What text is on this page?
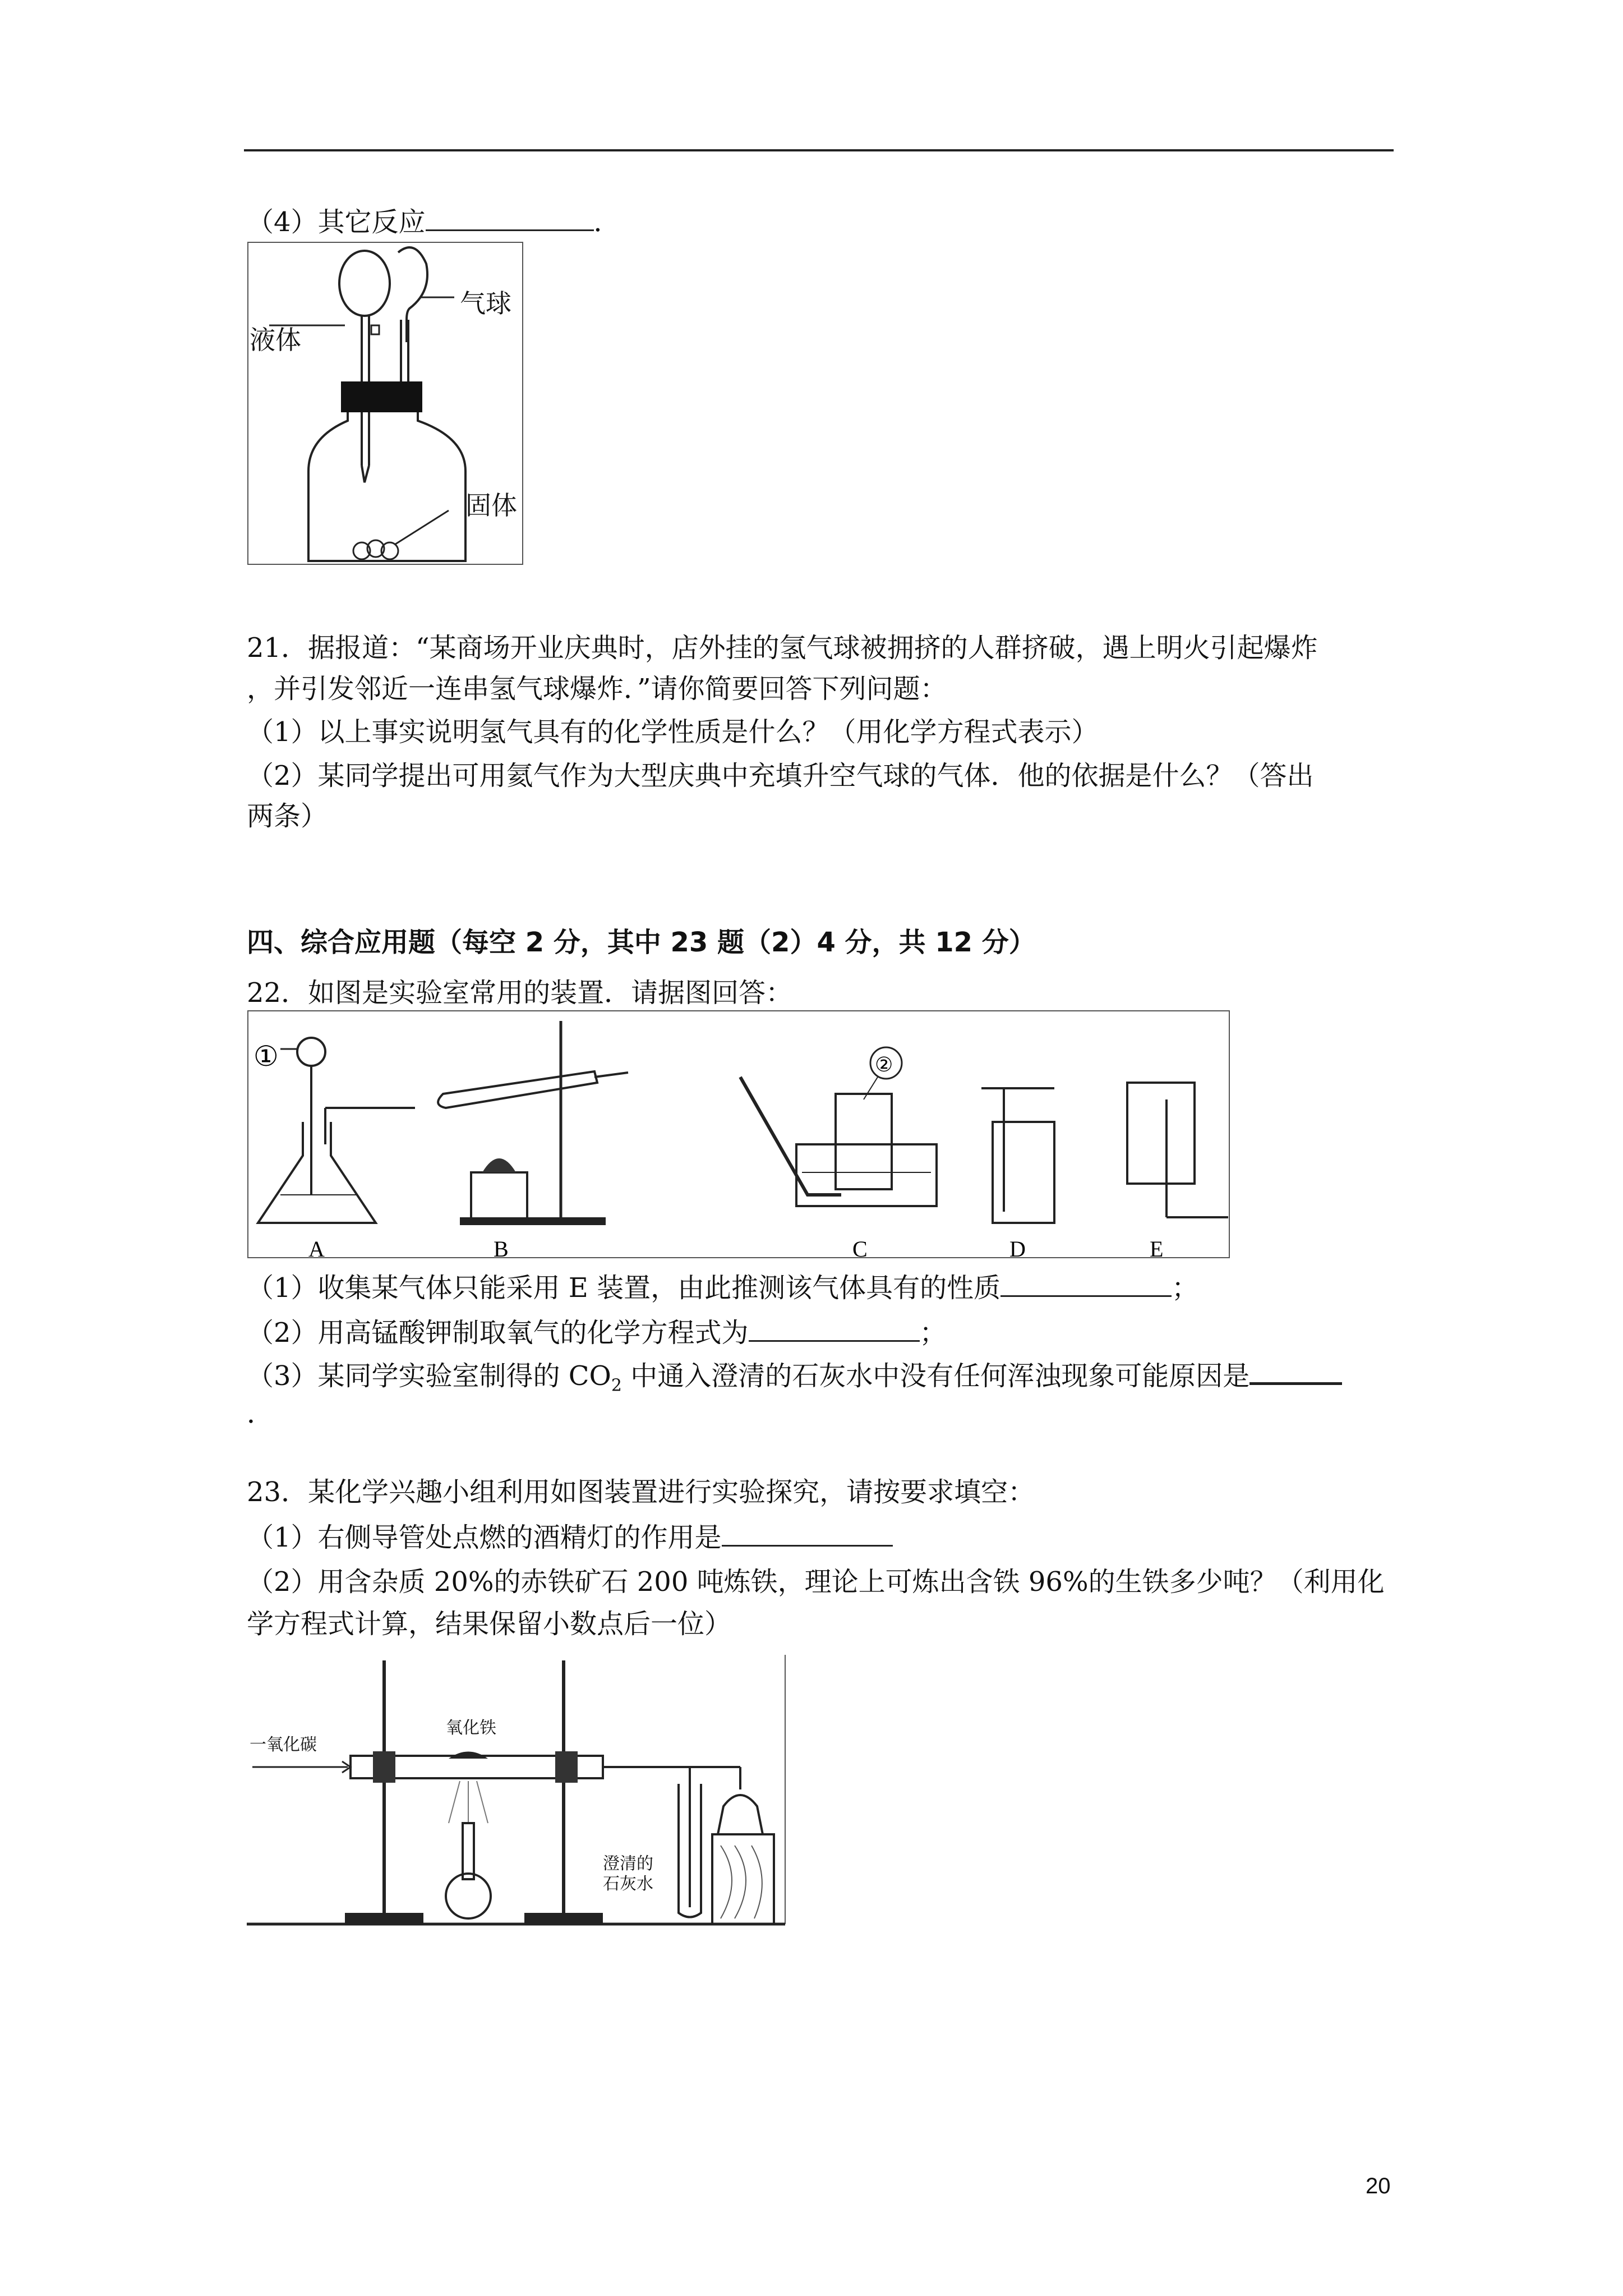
（4）其它反应	．
液体
气球
固体
21．据报道：“某商场开业庆典时，店外挂的氢气球被拥挤的人群挤破，遇上明火引起爆炸
，并引发邻近一连串氢气球爆炸．”请你简要回答下列问题：
（1）以上事实说明氢气具有的化学性质是什么？（用化学方程式表示）
（2）某同学提出可用氦气作为大型庆典中充填升空气球的气体．他的依据是什么？（答出
两条）
四、综合应用题（每空 2 分，其中 23 题（2）4 分，共 12 分）
22．如图是实验室常用的装置．请据图回答：
A	B
②
C	D	E
①
（1）收集某气体只能采用 E 装置，由此推测该气体具有的性质	；
（2）用高锰酸钾制取氧气的化学方程式为	；
（3）某同学实验室制得的 $CO_2$ 中通入澄清的石灰水中没有任何浑浊现象可能原因是
．
23．某化学兴趣小组利用如图装置进行实验探究，请按要求填空：
（1）右侧导管处点燃的酒精灯的作用是
（2）用含杂质 20%的赤铁矿石 200 吨炼铁，理论上可炼出含铁 96%的生铁多少吨？（利用化
学方程式计算，结果保留小数点后一位）
一氧化碳
氧化铁
澄清的
石灰水
20
